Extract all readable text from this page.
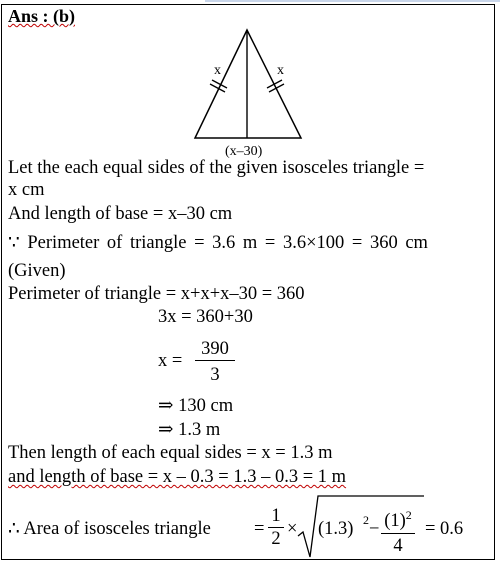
Ans : (b)
x	x
(x–30)
Let the each equal sides of the given isosceles triangle =
x cm
And length of base = x–30 cm
∵ Perimeter of triangle = 3.6 m = 3.6×100 = 360 cm
(Given)
Perimeter of triangle = x+x+x–30 = 360
3x = 360+30
$x = \frac{390}{3}$
⇒ 130 cm
⇒ 1.3 m
Then length of each equal sides = x = 1.3 m
and length of base = x – 0.3 = 1.3 – 0.3 = 1 m
∴ Area of isosceles triangle = $\frac{1}{2} \times (1.3) 2 - \frac{(1)^2}{4} = 0.6$
